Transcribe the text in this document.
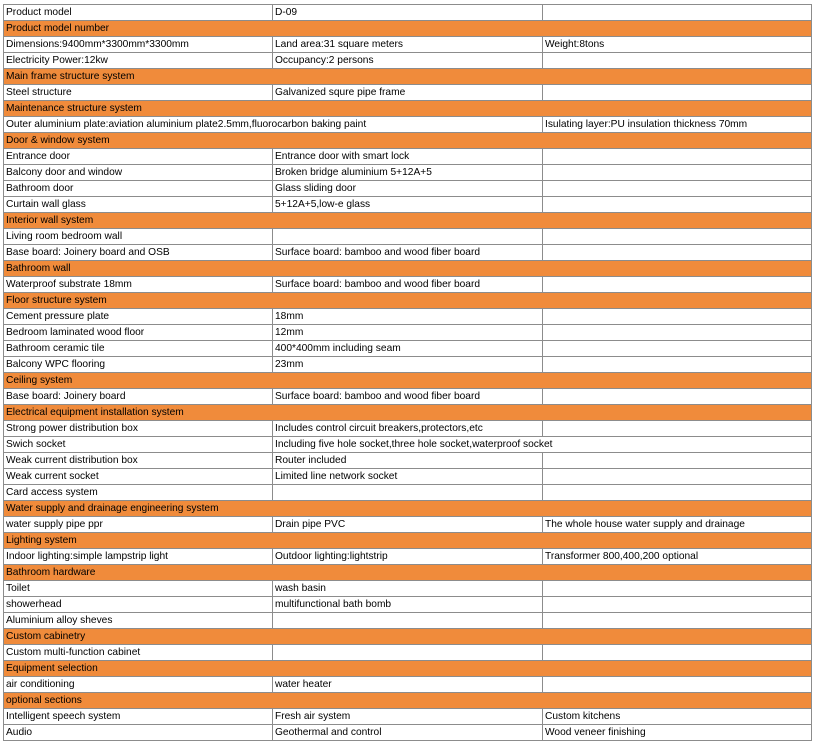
Product model	D-09	
Product model number		
Dimensions:9400mm*3300mm*3300mm	Land area:31 square meters	Weight:8tons
Electricity Power:12kw	Occupancy:2 persons	
Main frame structure system		
Steel structure	Galvanized squre pipe frame	
Maintenance structure system		
Outer aluminium plate:aviation aluminium plate2.5mm,fluorocarbon baking paint		Isulating layer:PU insulation thickness 70mm
Door & window system		
Entrance door	Entrance door with smart lock	
Balcony door and window	Broken bridge aluminium 5+12A+5	
Bathroom door	Glass sliding door	
Curtain wall glass	5+12A+5,low-e glass	
Interior wall system		
Living room bedroom wall		
Base board: Joinery board and OSB	Surface board: bamboo and wood fiber board	
Bathroom wall		
Waterproof substrate 18mm	Surface board: bamboo and wood fiber board	
Floor structure system		
Cement pressure plate	18mm	
Bedroom laminated wood floor	12mm	
Bathroom ceramic tile	400*400mm including seam	
Balcony WPC flooring	23mm	
Ceiling system		
Base board: Joinery board	Surface board: bamboo and wood fiber board	
Electrical equipment installation system		
Strong power distribution box	Includes control circuit breakers,protectors,etc	
Swich socket	Including five hole socket,three hole socket,waterproof socket	
Weak current distribution box	Router included	
Weak current socket	Limited line network socket	
Card access system		
Water supply and drainage engineering system		
water supply pipe ppr	Drain pipe PVC	The whole house water supply and drainage
Lighting system		
Indoor lighting:simple lampstrip light	Outdoor lighting:lightstrip	Transformer 800,400,200 optional
Bathroom hardware		
Toilet	wash basin	
showerhead	multifunctional bath bomb	
Aluminium alloy sheves		
Custom cabinetry		
Custom multi-function cabinet		
Equipment selection		
air conditioning	water heater	
optional sections		
Intelligent speech system	Fresh air system	Custom kitchens
Audio	Geothermal and control	Wood veneer finishing
